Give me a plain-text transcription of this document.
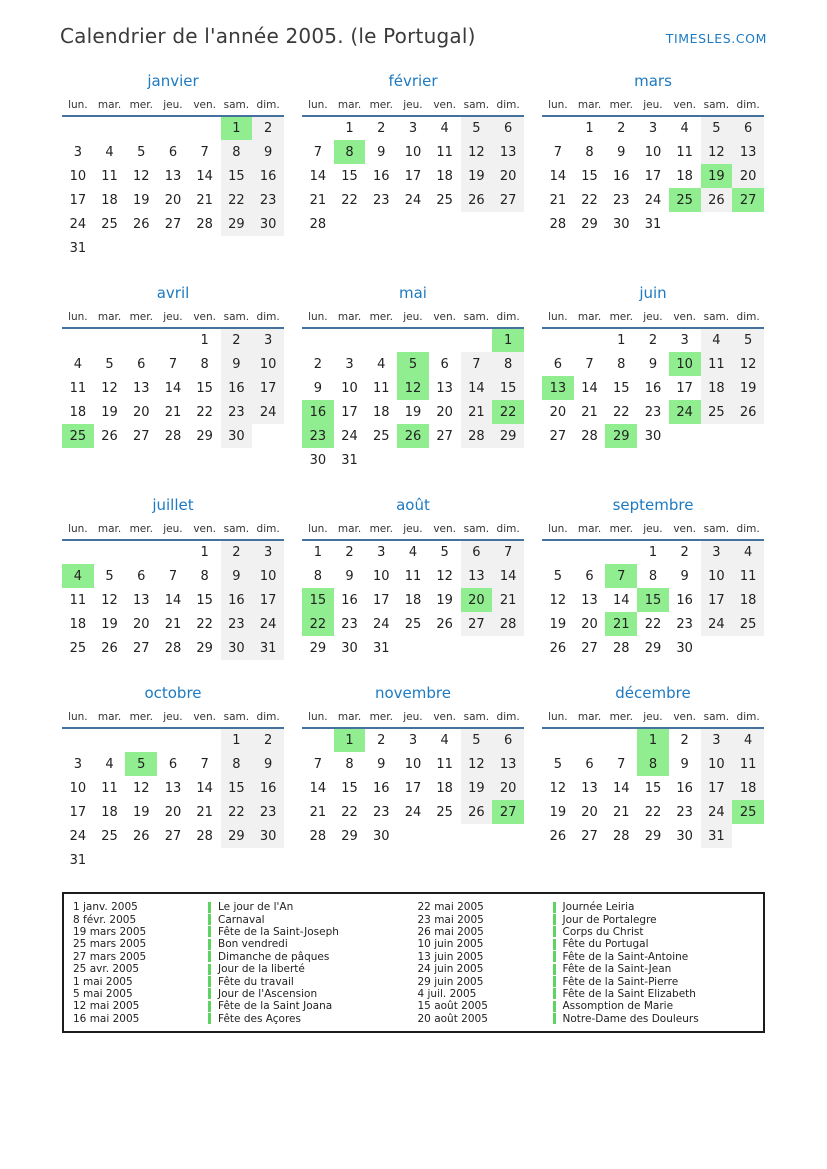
Calendrier de l'année 2005. (le Portugal)	TIMESLES.COM
janvier
lun.	mar.	mer.	jeu.	ven.	sam.	dim.
					1	2
3	4	5	6	7	8	9
10	11	12	13	14	15	16
17	18	19	20	21	22	23
24	25	26	27	28	29	30
31						
février
lun.	mar.	mer.	jeu.	ven.	sam.	dim.
	1	2	3	4	5	6
7	8	9	10	11	12	13
14	15	16	17	18	19	20
21	22	23	24	25	26	27
28						
mars
lun.	mar.	mer.	jeu.	ven.	sam.	dim.
	1	2	3	4	5	6
7	8	9	10	11	12	13
14	15	16	17	18	19	20
21	22	23	24	25	26	27
28	29	30	31			
avril
lun.	mar.	mer.	jeu.	ven.	sam.	dim.
				1	2	3
4	5	6	7	8	9	10
11	12	13	14	15	16	17
18	19	20	21	22	23	24
25	26	27	28	29	30	
mai
lun.	mar.	mer.	jeu.	ven.	sam.	dim.
						1
2	3	4	5	6	7	8
9	10	11	12	13	14	15
16	17	18	19	20	21	22
23	24	25	26	27	28	29
30	31					
juin
lun.	mar.	mer.	jeu.	ven.	sam.	dim.
		1	2	3	4	5
6	7	8	9	10	11	12
13	14	15	16	17	18	19
20	21	22	23	24	25	26
27	28	29	30			
juillet
lun.	mar.	mer.	jeu.	ven.	sam.	dim.
				1	2	3
4	5	6	7	8	9	10
11	12	13	14	15	16	17
18	19	20	21	22	23	24
25	26	27	28	29	30	31
août
lun.	mar.	mer.	jeu.	ven.	sam.	dim.
1	2	3	4	5	6	7
8	9	10	11	12	13	14
15	16	17	18	19	20	21
22	23	24	25	26	27	28
29	30	31				
septembre
lun.	mar.	mer.	jeu.	ven.	sam.	dim.
			1	2	3	4
5	6	7	8	9	10	11
12	13	14	15	16	17	18
19	20	21	22	23	24	25
26	27	28	29	30		
octobre
lun.	mar.	mer.	jeu.	ven.	sam.	dim.
					1	2
3	4	5	6	7	8	9
10	11	12	13	14	15	16
17	18	19	20	21	22	23
24	25	26	27	28	29	30
31						
novembre
lun.	mar.	mer.	jeu.	ven.	sam.	dim.
	1	2	3	4	5	6
7	8	9	10	11	12	13
14	15	16	17	18	19	20
21	22	23	24	25	26	27
28	29	30				
décembre
lun.	mar.	mer.	jeu.	ven.	sam.	dim.
			1	2	3	4
5	6	7	8	9	10	11
12	13	14	15	16	17	18
19	20	21	22	23	24	25
26	27	28	29	30	31	
1 janv. 2005	Le jour de l'An
8 févr. 2005	Carnaval
19 mars 2005	Fête de la Saint-Joseph
25 mars 2005	Bon vendredi
27 mars 2005	Dimanche de pâques
25 avr. 2005	Jour de la liberté
1 mai 2005	Fête du travail
5 mai 2005	Jour de l'Ascension
12 mai 2005	Fête de la Saint Joana
16 mai 2005	Fête des Açores
22 mai 2005	Journée Leiria
23 mai 2005	Jour de Portalegre
26 mai 2005	Corps du Christ
10 juin 2005	Fête du Portugal
13 juin 2005	Fête de la Saint-Antoine
24 juin 2005	Fête de la Saint-Jean
29 juin 2005	Fête de la Saint-Pierre
4 juil. 2005	Fête de la Saint Elizabeth
15 août 2005	Assomption de Marie
20 août 2005	Notre-Dame des Douleurs
